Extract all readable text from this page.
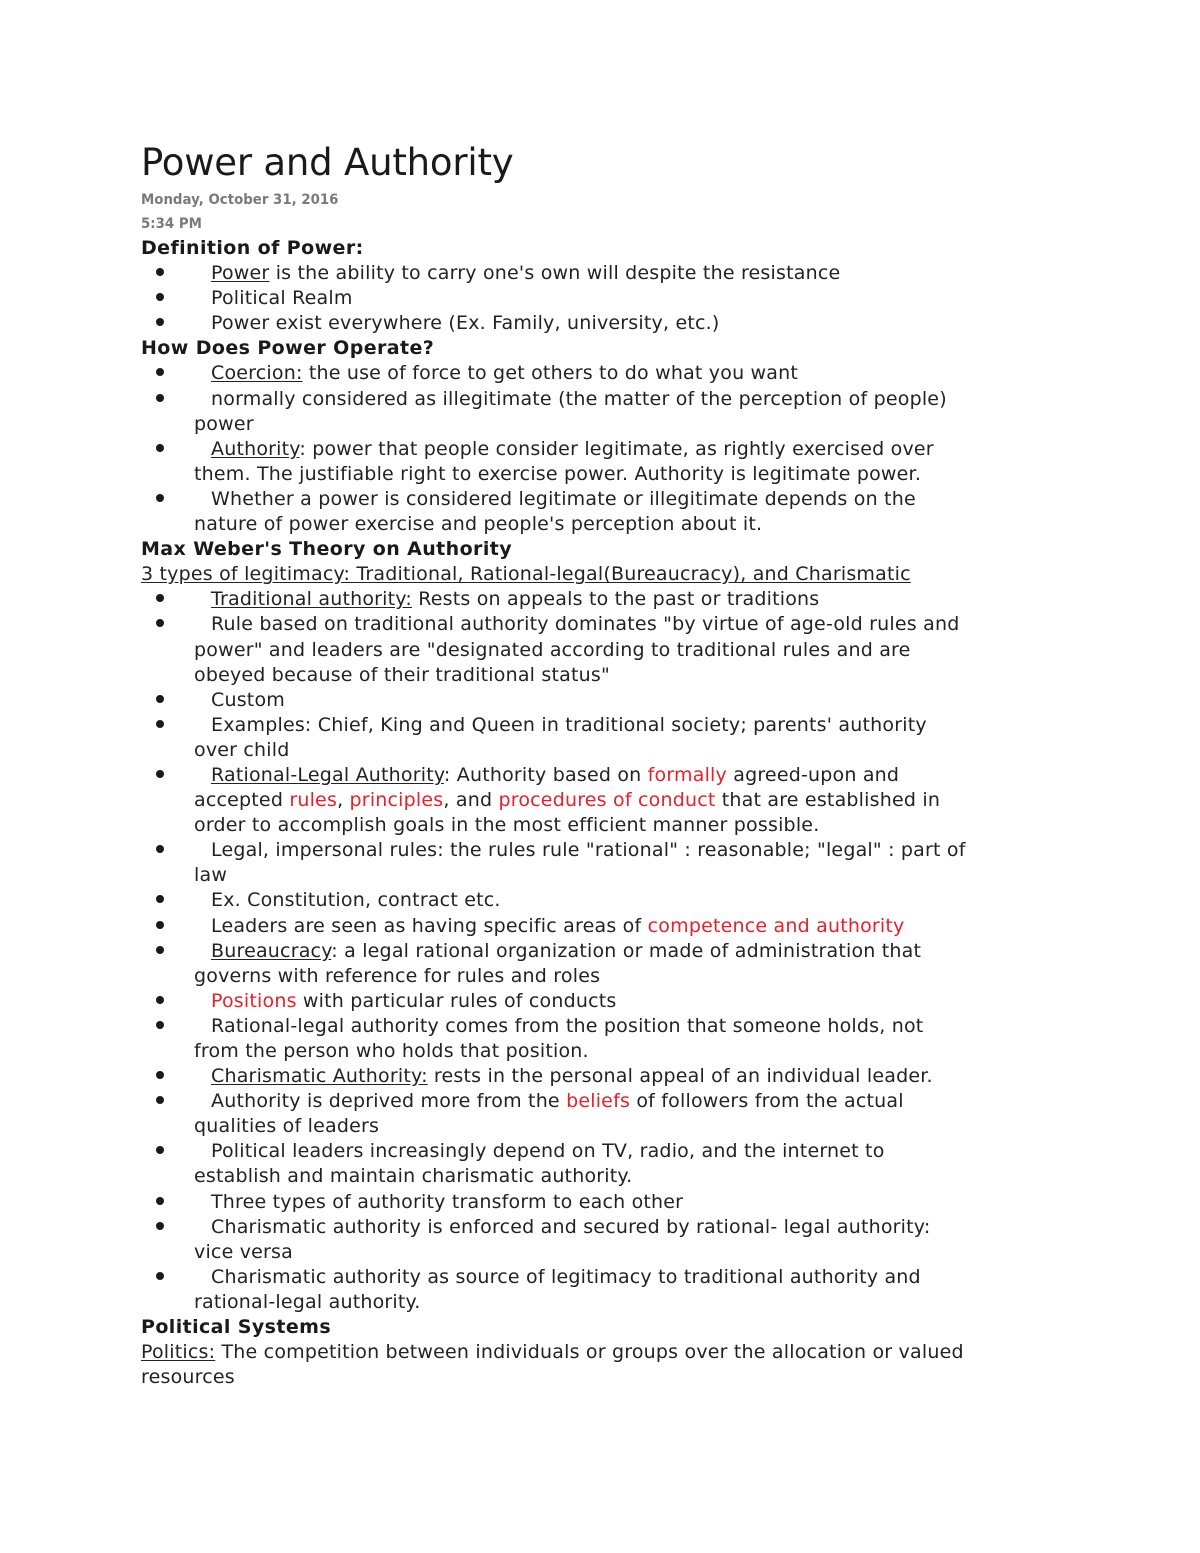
Power and Authority
Monday, October 31, 2016
5:34 PM
Definition of Power:
Power is the ability to carry one's own will despite the resistance
Political Realm
Power exist everywhere (Ex. Family, university, etc.)
How Does Power Operate?
Coercion: the use of force to get others to do what you want
normally considered as illegitimate (the matter of the perception of people)
power
Authority: power that people consider legitimate, as rightly exercised over
them. The justifiable right to exercise power. Authority is legitimate power.
Whether a power is considered legitimate or illegitimate depends on the
nature of power exercise and people's perception about it.
Max Weber's Theory on Authority
3 types of legitimacy: Traditional, Rational-legal(Bureaucracy), and Charismatic
Traditional authority: Rests on appeals to the past or traditions
Rule based on traditional authority dominates "by virtue of age-old rules and
power" and leaders are "designated according to traditional rules and are
obeyed because of their traditional status"
Custom
Examples: Chief, King and Queen in traditional society; parents' authority
over child
Rational-Legal Authority: Authority based on formally agreed-upon and
accepted rules, principles, and procedures of conduct that are established in
order to accomplish goals in the most efficient manner possible.
Legal, impersonal rules: the rules rule "rational" : reasonable; "legal" : part of
law
Ex. Constitution, contract etc.
Leaders are seen as having specific areas of competence and authority
Bureaucracy: a legal rational organization or made of administration that
governs with reference for rules and roles
Positions with particular rules of conducts
Rational-legal authority comes from the position that someone holds, not
from the person who holds that position.
Charismatic Authority: rests in the personal appeal of an individual leader.
Authority is deprived more from the beliefs of followers from the actual
qualities of leaders
Political leaders increasingly depend on TV, radio, and the internet to
establish and maintain charismatic authority.
Three types of authority transform to each other
Charismatic authority is enforced and secured by rational- legal authority:
vice versa
Charismatic authority as source of legitimacy to traditional authority and
rational-legal authority.
Political Systems
Politics: The competition between individuals or groups over the allocation or valued
resources
